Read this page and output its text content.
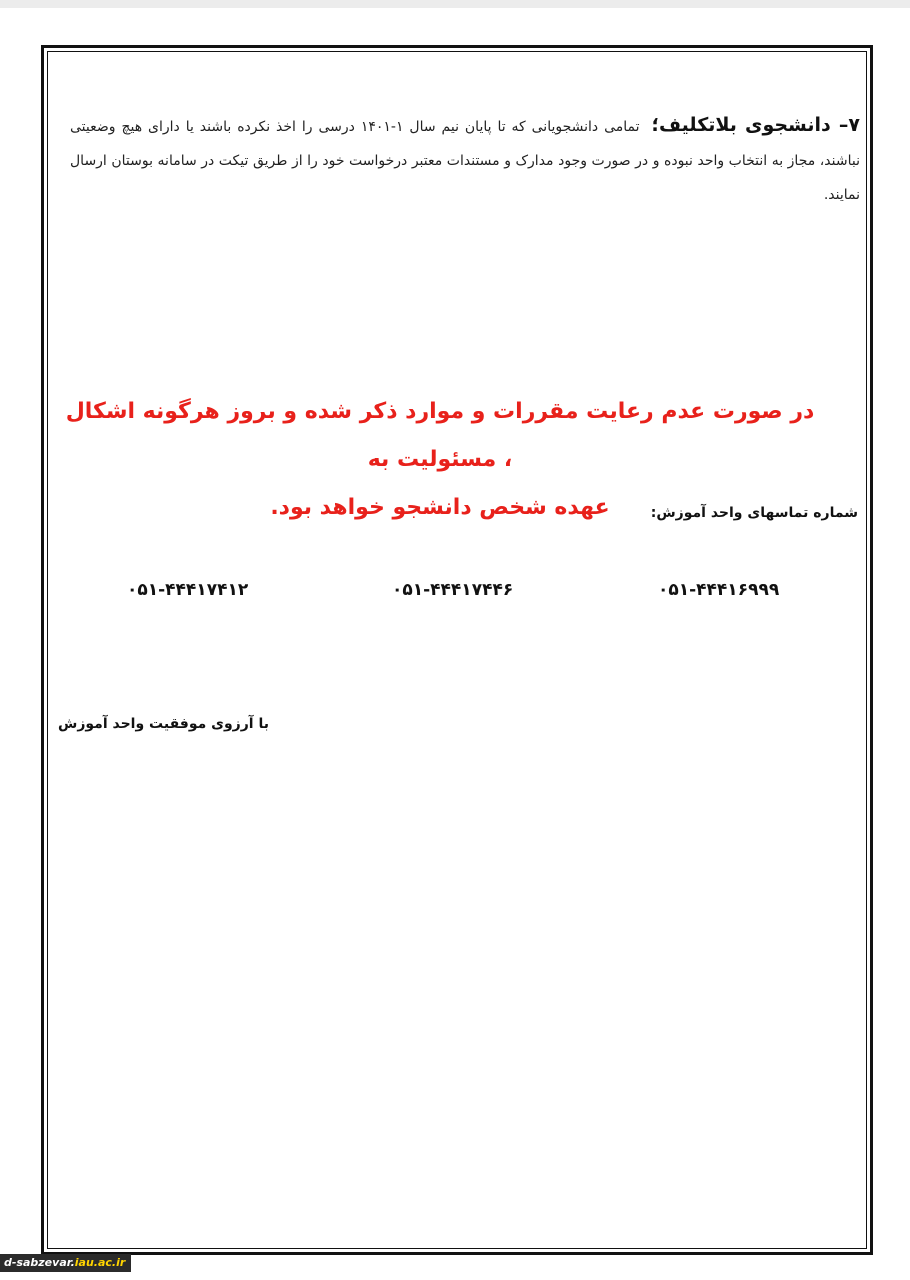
۷– دانشجوی بلاتکلیف؛ تمامی دانشجویانی که تا پایان نیم سال ۱-۱۴۰۱ درسی را اخذ نکرده باشند یا دارای هیچ وضعیتی نباشند، مجاز به انتخاب واحد نبوده و در صورت وجود مدارک و مستندات معتبر درخواست خود را از طریق تیکت در سامانه بوستان ارسال نمایند.
در صورت عدم رعایت مقررات و موارد ذکر شده و بروز هرگونه اشکال ، مسئولیت به
عهده شخص دانشجو خواهد بود.	شماره تماسهای واحد آموزش:
۰۵۱-۴۴۴۱۶۹۹۹
۰۵۱-۴۴۴۱۷۴۴۶
۰۵۱-۴۴۴۱۷۴۱۲
با آرزوی موفقیت واحد آموزش
d-sabzevar.iau.ac.ir
